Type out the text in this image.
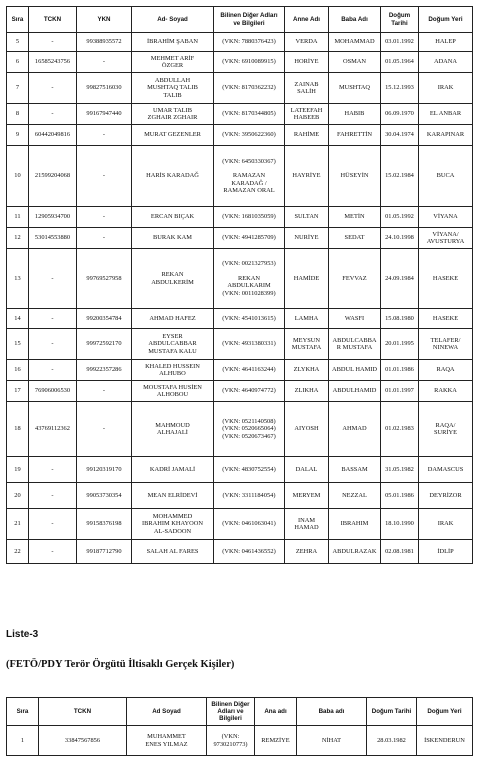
Sıra	TCKN	YKN	Ad- Soyad	Bilinen Diğer Adları
ve Bilgileri	Anne Adı	Baba Adı	Doğum
Tarihi	Doğum Yeri
5	-	99388935572	İBRAHİM ŞABAN	(VKN: 7880376423)	VERDA	MOHAMMAD	03.01.1992	HALEP
6	16585243756	-	MEHMET ARİF
ÖZGER	(VKN: 6910089915)	HORİYE	OSMAN	01.05.1964	ADANA
7	-	99827516030	ABDULLAH
MUSHTAQ TALIB
TALIB	(VKN: 8170362232)	ZAINAB
SALİH	MUSHTAQ	15.12.1993	IRAK
8	-	99167947440	UMAR TALIB
ZGHAIR ZGHAIR	(VKN: 8170344805)	LATEEFAH
HABEEB	HABIB	06.09.1970	EL ANBAR
9	60442049816	-	MURAT GEZENLER	(VKN: 3950622360)	RAHİME	FAHRETTİN	30.04.1974	KARAPINAR
10	21599204068	-	HARİS KARADAĞ	(VKN: 6450330367)

RAMAZAN
KARADAĞ /
RAMAZAN ORAL	HAYRİYE	HÜSEYİN	15.02.1984	BUCA
11	12905934700	-	ERCAN BIÇAK	(VKN: 1681035059)	SULTAN	METİN	01.05.1992	VİYANA
12	53014553880	-	BURAK KAM	(VKN: 4941285709)	NURİYE	SEDAT	24.10.1998	VİYANA/
AVUSTURYA
13	-	99769527958	REKAN
ABDULKERİM	(VKN: 0021327953)

REKAN
ABDULKARIM
(VKN: 0011028399)	HAMİDE	FEVVAZ	24.09.1984	HASEKE
14	-	99200354784	AHMAD HAFEZ	(VKN: 4541013615)	LAMHA	WASFI	15.08.1980	HASEKE
15	-	99972592170	EYSER
ABDULCABBAR
MUSTAFA KALU	(VKN: 4931380331)	MEYSUN
MUSTAFA	ABDULCABBA
R MUSTAFA	20.01.1995	TELAFER/
NINEWA
16	-	99922357286	KHALED HUSSEIN
ALHUBO	(VKN: 4641163244)	ZLYKHA	ABDUL HAMID	01.01.1986	RAQA
17	76906006530	-	MOUSTAFA HUSİEN
ALHOBOU	(VKN: 4640974772)	ZLIKHA	ABDULHAMID	01.01.1997	RAKKA
18	43769112362	-	MAHMOUD
ALHAJALİ	(VKN: 0521140508)
(VKN: 0520665064)
(VKN: 0520673467)	AIYOSH	AHMAD	01.02.1983	RAQA/
SURİYE
19	-	99120319170	KADRİ JAMALİ	(VKN: 4830752554)	DALAL	BASSAM	31.05.1982	DAMASCUS
20	-	99053730354	MEAN ELRİDEVİ	(VKN: 3311184054)	MERYEM	NEZZAL	05.01.1986	DEYRİZOR
21	-	99158376198	MOHAMMED
IBRAHIM KHAYOON
AL-SADOON	(VKN: 0461063041)	INAM
HAMAD	IBRAHIM	18.10.1990	IRAK
22	-	99187712790	SALAH AL FARES	(VKN: 0461436552)	ZEHRA	ABDULRAZAK	02.08.1981	İDLİP
Liste-3
(FETÖ/PDY Terör Örgütü İltisaklı Gerçek Kişiler)
Sıra	TCKN	Ad Soyad	Bilinen Diğer
Adları ve
Bilgileri	Ana adı	Baba adı	Doğum Tarihi	Doğum Yeri
1	33847567856	MUHAMMET
ENES YILMAZ	(VKN:
9730210773)	REMZİYE	NİHAT	28.03.1982	İSKENDERUN
